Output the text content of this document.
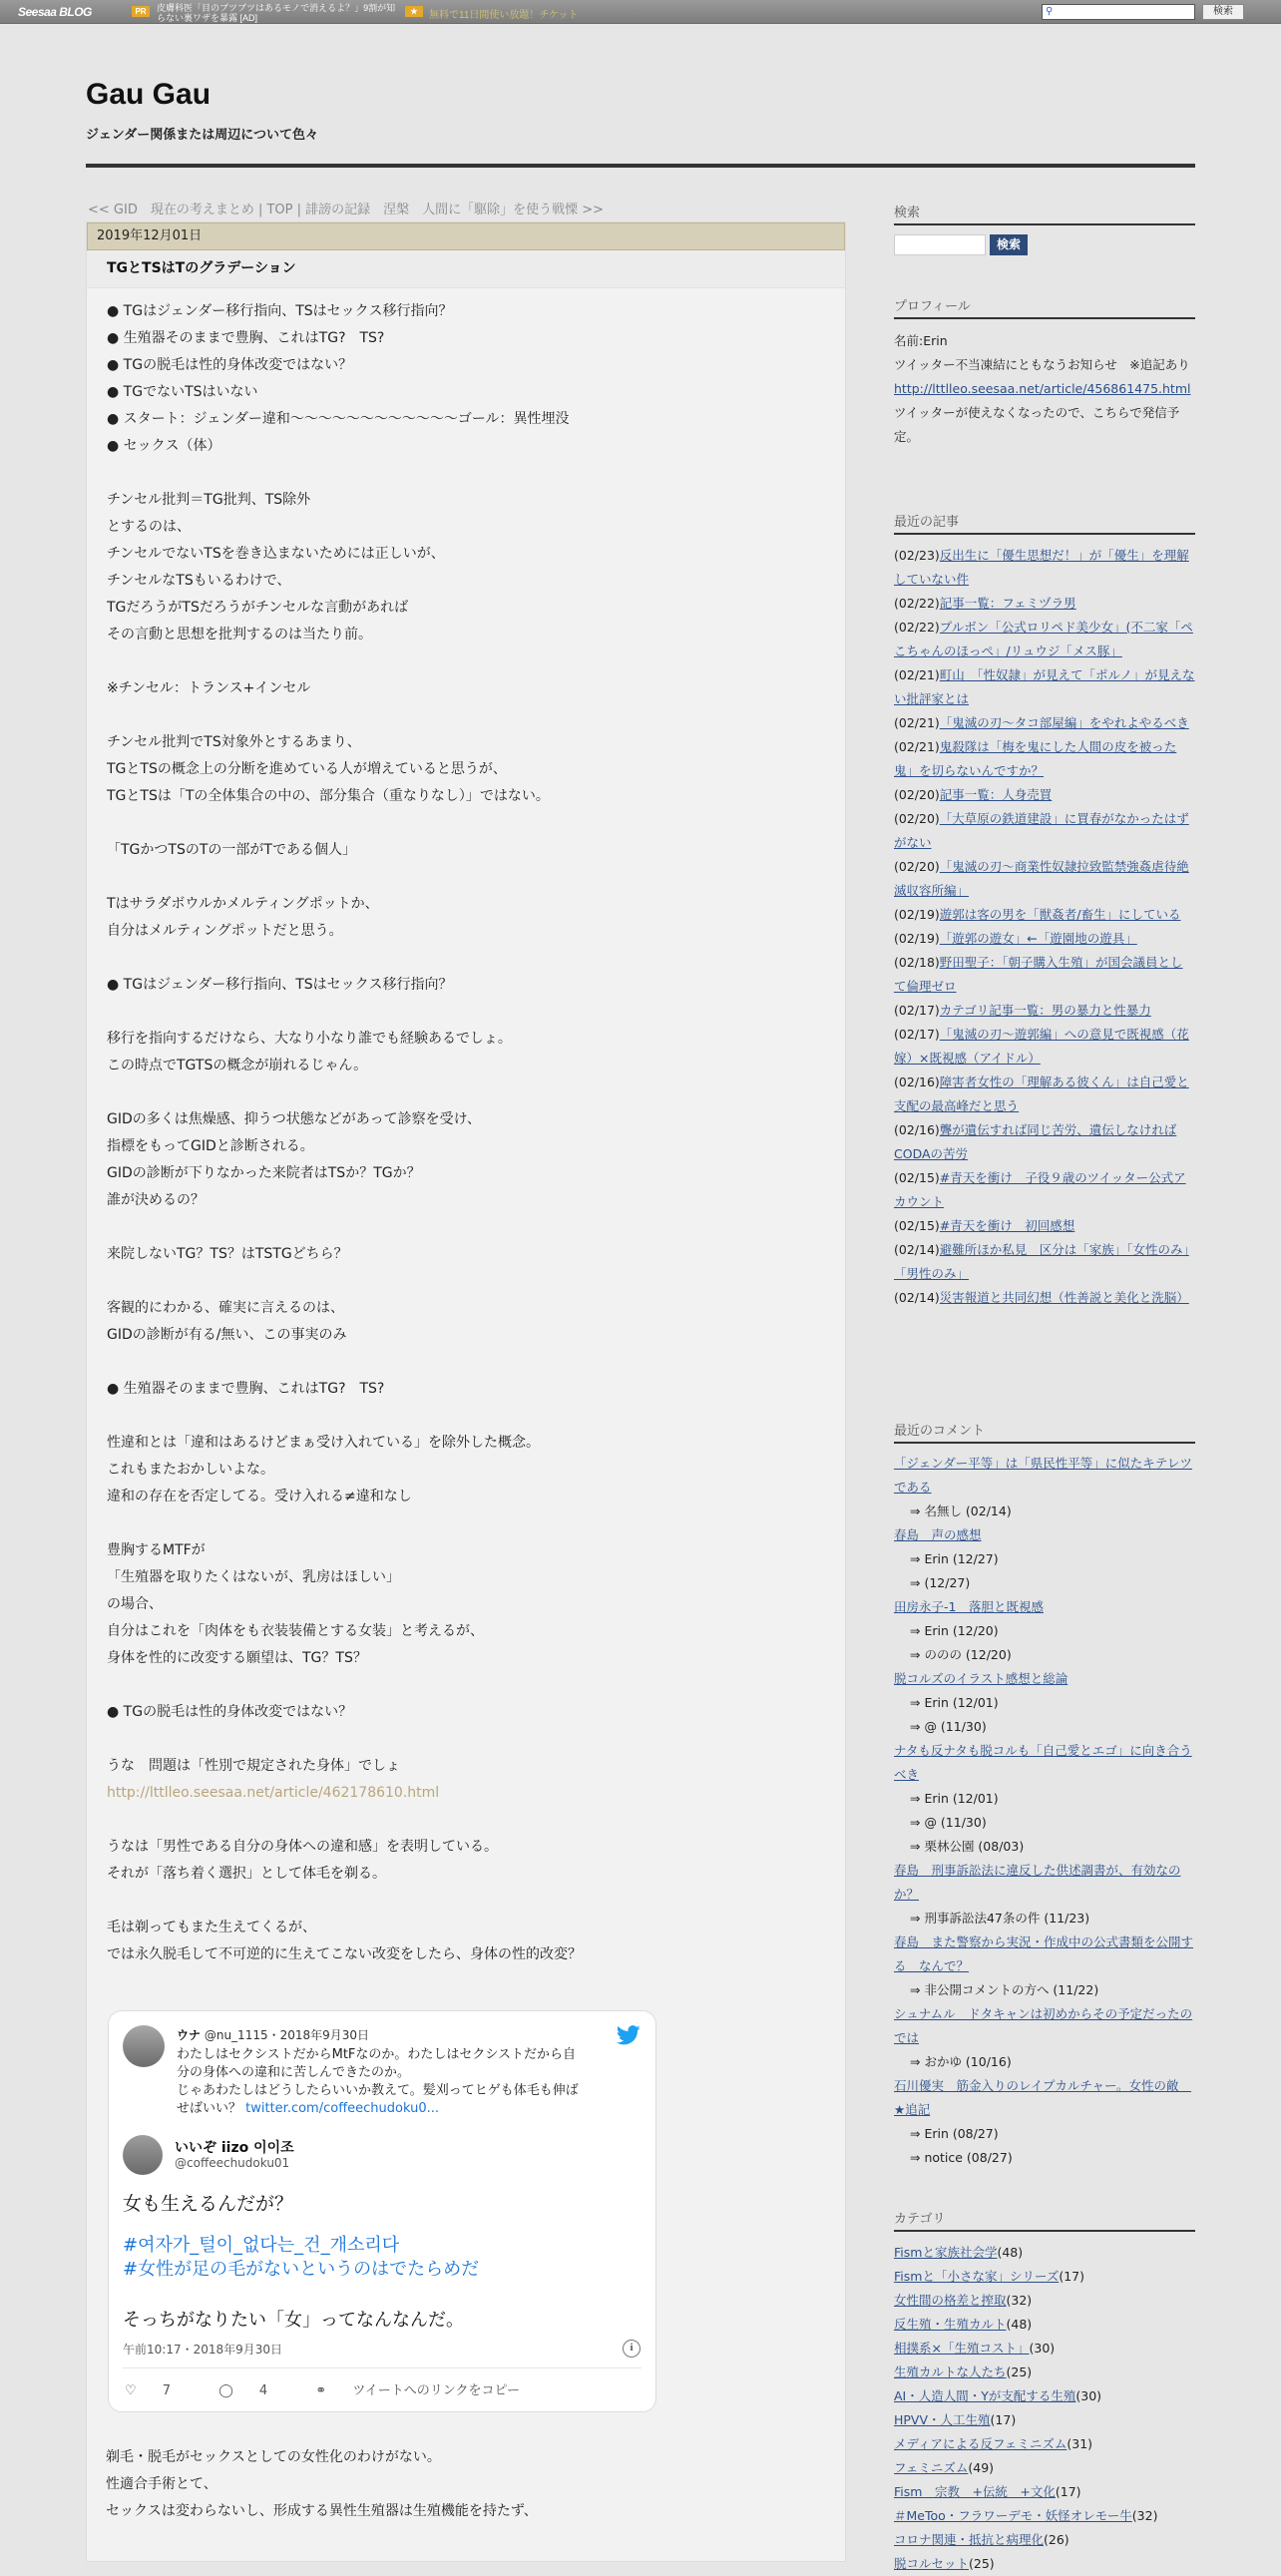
Seesaa BLOG	PR	皮膚科医「目のブツブツはあるモノで消えるよ？」9割が知らない裏ワザを暴露 [AD]
★	無料で11日間使い放題！チケット	⚲	検索
Gau Gau
ジェンダー関係または周辺について色々
<< GID　現在の考えまとめ | TOP | 誹謗の記録　涅槃　人間に「駆除」を使う戦慄 >>
2019年12月01日
TGとTSはTのグラデーション
● TGはジェンダー移行指向、TSはセックス移行指向？
● 生殖器そのままで豊胸、これはTG?　TS?
● TGの脱毛は性的身体改変ではない？
● TGでないTSはいない
● スタート：ジェンダー違和～～～～～～～～～～～～ゴール：異性埋没
● セックス（体）
チンセル批判＝TG批判、TS除外
とするのは、
チンセルでないTSを巻き込まないためには正しいが、
チンセルなTSもいるわけで、
TGだろうがTSだろうがチンセルな言動があれば
その言動と思想を批判するのは当たり前。
※チンセル：トランス+インセル
チンセル批判でTS対象外とするあまり、
TGとTSの概念上の分断を進めている人が増えていると思うが、
TGとTSは「Tの全体集合の中の、部分集合（重なりなし）」ではない。
「TGかつTSのTの一部がTである個人」
Tはサラダボウルかメルティングポットか、
自分はメルティングポットだと思う。
● TGはジェンダー移行指向、TSはセックス移行指向？
移行を指向するだけなら、大なり小なり誰でも経験あるでしょ。
この時点でTGTSの概念が崩れるじゃん。
GIDの多くは焦燥感、抑うつ状態などがあって診察を受け、
指標をもってGIDと診断される。
GIDの診断が下りなかった来院者はTSか？TGか？
誰が決めるの？
来院しないTG？TS？はTSTGどちら？
客観的にわかる、確実に言えるのは、
GIDの診断が有る/無い、この事実のみ
● 生殖器そのままで豊胸、これはTG?　TS?
性違和とは「違和はあるけどまぁ受け入れている」を除外した概念。
これもまたおかしいよな。
違和の存在を否定してる。受け入れる≠違和なし
豊胸するMTFが
「生殖器を取りたくはないが、乳房はほしい」
の場合、
自分はこれを「肉体をも衣装装備とする女装」と考えるが、
身体を性的に改変する願望は、TG？TS？
● TGの脱毛は性的身体改変ではない？
うな　問題は「性別で規定された身体」でしょ
http://lttlleo.seesaa.net/article/462178610.html
うなは「男性である自分の身体への違和感」を表明している。
それが「落ち着く選択」として体毛を剃る。
毛は剃ってもまた生えてくるが、
では永久脱毛して不可逆的に生えてこない改変をしたら、身体の性的改変？
ウナ @nu_1115・2018年9月30日
わたしはセクシストだからMtFなのか。わたしはセクシストだから自
分の身体への違和に苦しんできたのか。
じゃあわたしはどうしたらいいか教えて。髪刈ってヒゲも体毛も伸ば
せばいい？ twitter.com/coffeechudoku0...
いいぞ iizo 이이조
@coffeechudoku01
女も生えるんだが？
#여자가_털이_없다는_건_개소리다
#女性が足の毛がないというのはでたらめだ
そっちがなりたい「女」ってなんなんだ。
午前10:17・2018年9月30日	i
♡ 7	◯ 4	⚭ ツイートへのリンクをコピー
剃毛・脱毛がセックスとしての女性化のわけがない。
性適合手術とて、
セックスは変わらないし、形成する異性生殖器は生殖機能を持たず、
検索
検索
プロフィール
名前:Erin
ツイッター不当凍結にともなうお知らせ　※追記あり
http://lttlleo.seesaa.net/article/456861475.html
ツイッターが使えなくなったので、こちらで発信予定。
最近の記事
(02/23)反出生に「優生思想だ！」が「優生」を理解していない件
(02/22)記事一覧：フェミヅラ男
(02/22)プルボン「公式ロリペド美少女」(不二家「ペこちゃんのほっぺ」/リュウジ「メス豚」
(02/21)町山　「性奴隷」が見えて「ポルノ」が見えない批評家とは
(02/21)「鬼滅の刃～タコ部屋編」をやれよやるべき
(02/21)鬼殺隊は「梅を鬼にした人間の皮を被った鬼」を切らないんですか？
(02/20)記事一覧：人身売買
(02/20)「大草原の鉄道建設」に買春がなかったはずがない
(02/20)「鬼滅の刃～商業性奴隷拉致監禁強姦虐待絶滅収容所編」
(02/19)遊郭は客の男を「獣姦者/畜生」にしている
(02/19)「遊郭の遊女」←「遊園地の遊具」
(02/18)野田聖子：「朝子購入生殖」が国会議員として倫理ゼロ
(02/17)カテゴリ記事一覧：男の暴力と性暴力
(02/17)「鬼滅の刃～遊郭編」への意見で既視感（花嫁）×既視感（アイドル）
(02/16)障害者女性の「理解ある彼くん」は自己愛と支配の最高峰だと思う
(02/16)聾が遺伝すれば同じ苦労、遺伝しなければCODAの苦労
(02/15)#青天を衝け　子役９歳のツイッター公式アカウント
(02/15)#青天を衝け　初回感想
(02/14)避難所ほか私見　区分は「家族」「女性のみ」「男性のみ」
(02/14)災害報道と共同幻想（性善説と美化と洗脳）
最近のコメント
「ジェンダー平等」は「県民性平等」に似たキテレツである
⇒ 名無し (02/14)
春島　声の感想
⇒ Erin (12/27)
⇒ (12/27)
田房永子-1　落胆と既視感
⇒ Erin (12/20)
⇒ ののの (12/20)
脱コルズのイラスト感想と総論
⇒ Erin (12/01)
⇒ @ (11/30)
ナタも反ナタも脱コルも「自己愛とエゴ」に向き合うべき
⇒ Erin (12/01)
⇒ @ (11/30)
⇒ 栗林公園 (08/03)
春島　刑事訴訟法に違反した供述調書が、有効なのか？
⇒ 刑事訴訟法47条の件 (11/23)
春島　また警察から実況・作成中の公式書類を公開する　なんで？
⇒ 非公開コメントの方へ (11/22)
シュナムル　ドタキャンは初めからその予定だったのでは
⇒ おかゆ (10/16)
石川優実　筋金入りのレイプカルチャー。女性の敵　★追記
⇒ Erin (08/27)
⇒ notice (08/27)
カテゴリ
Fismと家族社会学(48)
Fismと「小さな家」シリーズ(17)
女性間の格差と搾取(32)
反生殖・生殖カルト(48)
相撲系×「生殖コスト」(30)
生殖カルトな人たち(25)
AI・人造人間・Yが支配する生殖(30)
HPVV・人工生殖(17)
メディアによる反フェミニズム(31)
フェミニズム(49)
Fism　宗教　+伝統　+文化(17)
＃MeToo・フラワーデモ・妖怪オレモー牛(32)
コロナ関連・抵抗と病理化(26)
脱コルセット(25)
